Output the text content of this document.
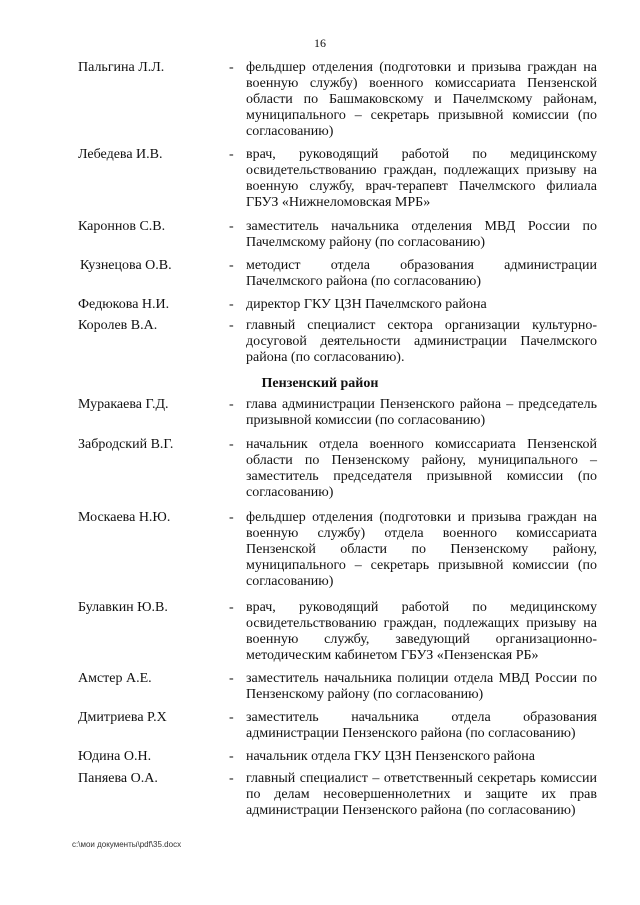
16
Пальгина Л.Л.	- фельдшер отделения (подготовки и призыва граждан на военную службу) военного комиссариата Пензенской области по Башмаковскому и Пачелмскому районам, муниципального – секретарь призывной комиссии (по согласованию)
Лебедева И.В.	- врач, руководящий работой по медицинскому освидетельствованию граждан, подлежащих призыву на военную службу, врач-терапевт Пачелмского филиала ГБУЗ «Нижнеломовская МРБ»
Кароннов С.В.	- заместитель начальника отделения МВД России по Пачелмскому району (по согласованию)
Кузнецова О.В.	- методист отдела образования администрации Пачелмского района (по согласованию)
Федюкова Н.И.	- директор ГКУ ЦЗН Пачелмского района
Королев В.А.	- главный специалист сектора организации культурно-досуговой деятельности администрации Пачелмского района (по согласованию).
Пензенский район
Муракаева Г.Д.	- глава администрации Пензенского района – председатель призывной комиссии (по согласованию)
Забродский В.Г.	- начальник отдела военного комиссариата Пензенской области по Пензенскому району, муниципального – заместитель председателя призывной комиссии (по согласованию)
Москаева Н.Ю.	- фельдшер отделения (подготовки и призыва граждан на военную службу) отдела военного комиссариата Пензенской области по Пензенскому району, муниципального – секретарь призывной комиссии (по согласованию)
Булавкин Ю.В.	- врач, руководящий работой по медицинскому освидетельствованию граждан, подлежащих призыву на военную службу, заведующий организационно-методическим кабинетом ГБУЗ «Пензенская РБ»
Амстер А.Е.	- заместитель начальника полиции отдела МВД России по Пензенскому району (по согласованию)
Дмитриева Р.Х	- заместитель начальника отдела образования администрации Пензенского района (по согласованию)
Юдина О.Н.	- начальник отдела ГКУ ЦЗН Пензенского района
Паняева О.А.	- главный специалист – ответственный секретарь комиссии по делам несовершеннолетних и защите их прав администрации Пензенского района (по согласованию)
c:\мои документы\pdf\35.docx
